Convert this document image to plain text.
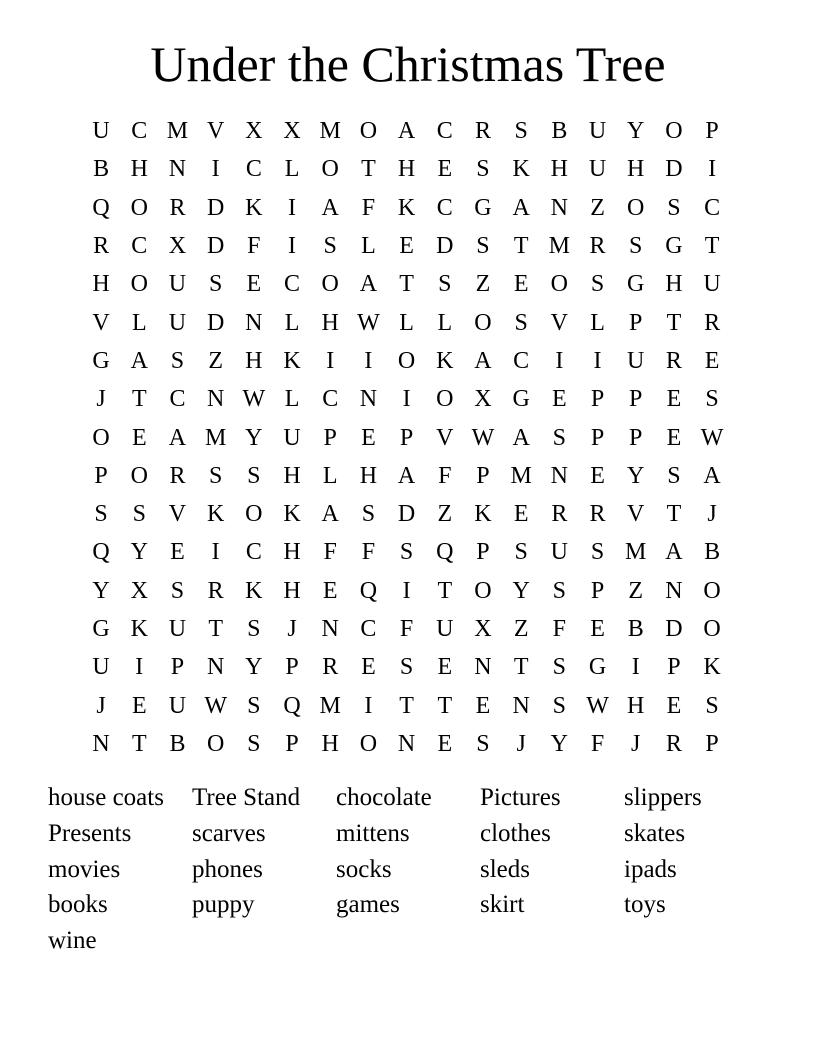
Under the Christmas Tree
U C M V X X M O A C R S B U Y O P
B H N	I	C L O T H E	S K H U H D	I
Q O R D K	I	A F K C G A N Z O S C
R C X D F	I	S	L E D S	T M R S G T
H O U S	E C O A T	S	Z E O S G H U
V L U D N L H W L L O S V L	P	T R
G A S	Z H K	I	I	O K A C	I	I	U R E
J	T C N W L C N	I	O X G E	P	P	E	S
O E A M Y U P	E	P V W A S	P	P	E W
P O R S	S H L H A F	P M N E Y S A
S	S V K O K A S D Z K E R R V T	J
Q Y E	I	C H F	F	S Q P	S U S M A B
Y X S R K H E Q	I	T O Y S	P	Z N O
G K U T	S	J	N C F U X Z	F	E B D O
U	I	P N Y P R E	S	E N T	S G	I	P K
J	E U W S Q M I	T T E N S W H E	S
N T B O S	P H O N E	S	J	Y F	J	R P
house coats	Tree Stand	chocolate	Pictures	slippers
Presents	scarves	mittens	clothes	skates
movies	phones	socks	sleds	ipads
books	puppy	games	skirt	toys
wine
